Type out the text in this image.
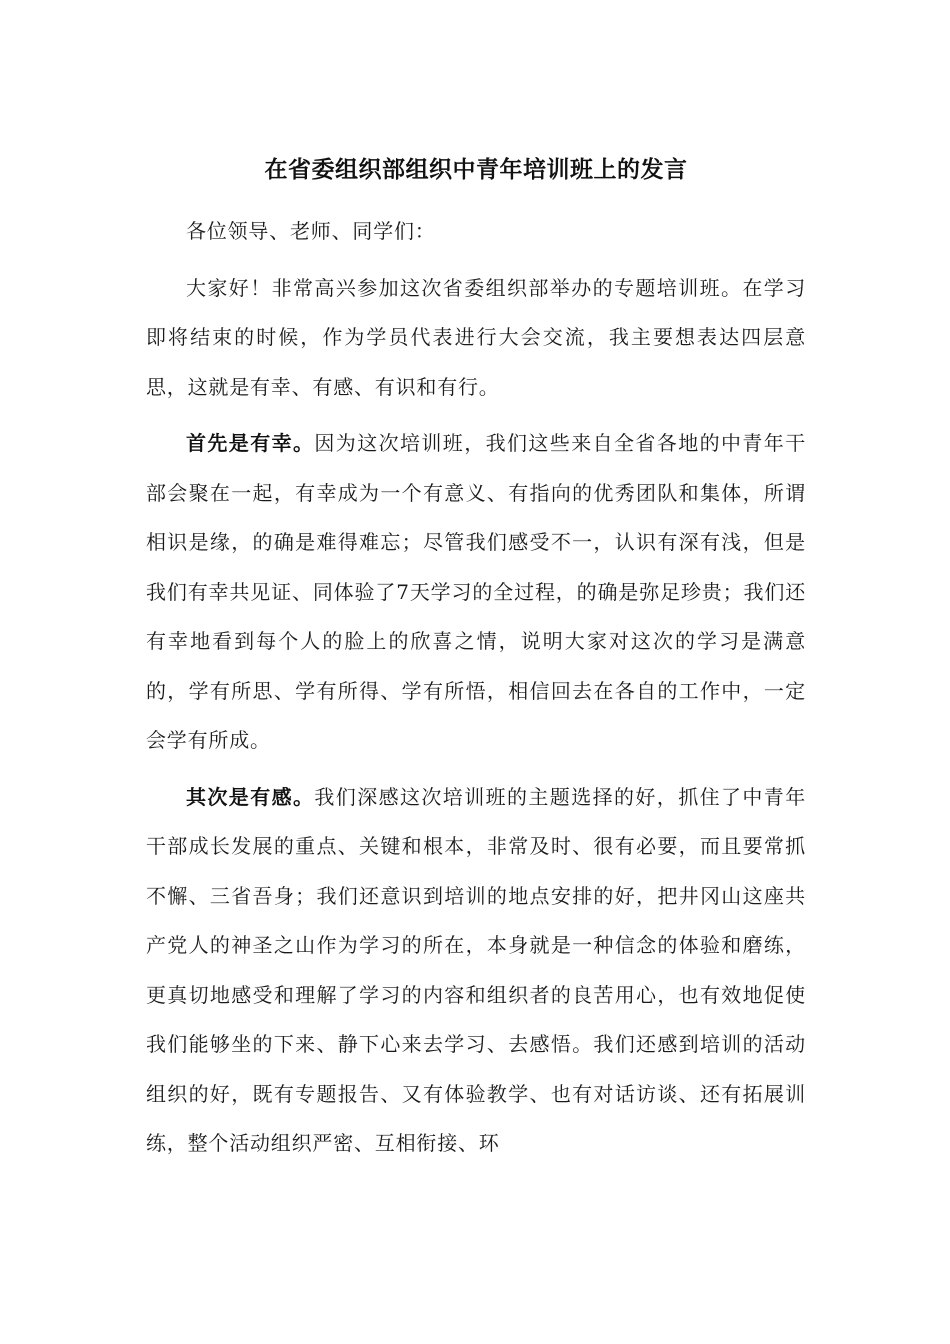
在省委组织部组织中青年培训班上的发言

各位领导、老师、同学们：

大家好！非常高兴参加这次省委组织部举办的专题培训班。在学习即将结束的时候，作为学员代表进行大会交流，我主要想表达四层意思，这就是有幸、有感、有识和有行。

首先是有幸。因为这次培训班，我们这些来自全省各地的中青年干部会聚在一起，有幸成为一个有意义、有指向的优秀团队和集体，所谓相识是缘，的确是难得难忘；尽管我们感受不一，认识有深有浅，但是我们有幸共见证、同体验了7天学习的全过程，的确是弥足珍贵；我们还有幸地看到每个人的脸上的欣喜之情，说明大家对这次的学习是满意的，学有所思、学有所得、学有所悟，相信回去在各自的工作中，一定会学有所成。

其次是有感。我们深感这次培训班的主题选择的好，抓住了中青年干部成长发展的重点、关键和根本，非常及时、很有必要，而且要常抓不懈、三省吾身；我们还意识到培训的地点安排的好，把井冈山这座共产党人的神圣之山作为学习的所在，本身就是一种信念的体验和磨练，更真切地感受和理解了学习的内容和组织者的良苦用心，也有效地促使我们能够坐的下来、静下心来去学习、去感悟。我们还感到培训的活动组织的好，既有专题报告、又有体验教学、也有对话访谈、还有拓展训练，整个活动组织严密、互相衔接、环
